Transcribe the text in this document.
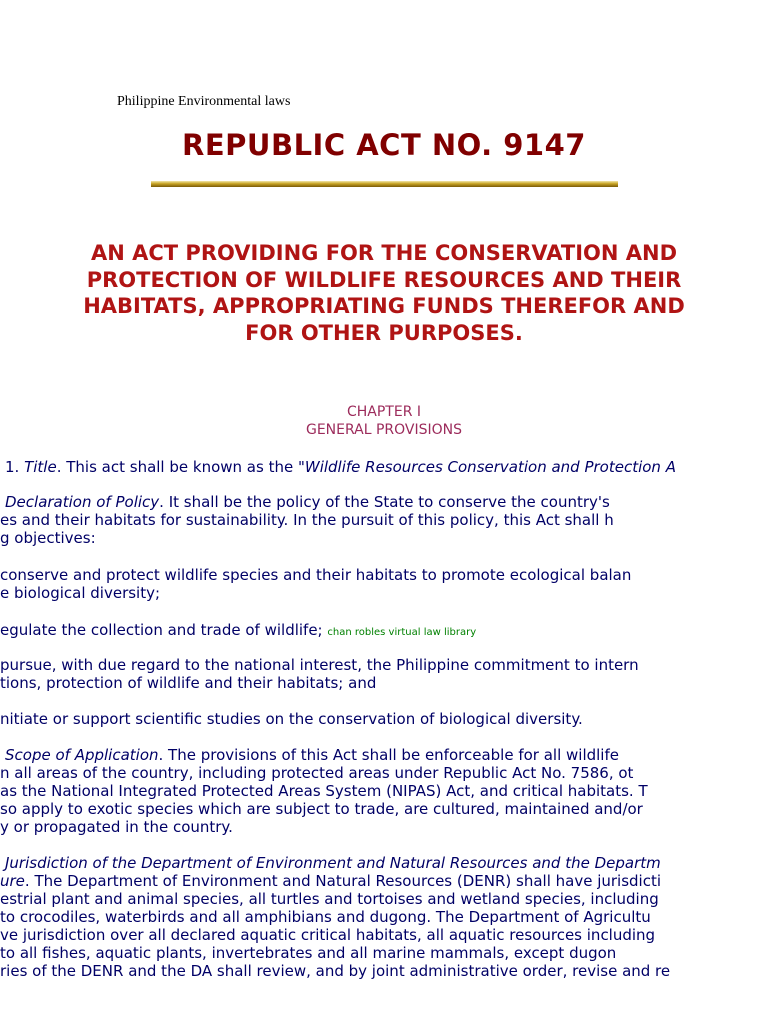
Philippine Environmental laws
REPUBLIC ACT NO. 9147
AN ACT PROVIDING FOR THE CONSERVATION AND
PROTECTION OF WILDLIFE RESOURCES AND THEIR
HABITATS, APPROPRIATING FUNDS THEREFOR AND
FOR OTHER PURPOSES.
CHAPTER I
GENERAL PROVISIONS
1. Title. This act shall be known as the "Wildlife Resources Conservation and Protection A
Declaration of Policy. It shall be the policy of the State to conserve the country's
es and their habitats for sustainability. In the pursuit of this policy, this Act shall h
g objectives:
conserve and protect wildlife species and their habitats to promote ecological balan
e biological diversity;
egulate the collection and trade of wildlife; chan robles virtual law library
pursue, with due regard to the national interest, the Philippine commitment to intern
tions, protection of wildlife and their habitats; and
nitiate or support scientific studies on the conservation of biological diversity.
Scope of Application. The provisions of this Act shall be enforceable for all wildlife
n all areas of the country, including protected areas under Republic Act No. 7586, ot
as the National Integrated Protected Areas System (NIPAS) Act, and critical habitats. T
so apply to exotic species which are subject to trade, are cultured, maintained and/or
y or propagated in the country.
Jurisdiction of the Department of Environment and Natural Resources and the Departm
ure. The Department of Environment and Natural Resources (DENR) shall have jurisdicti
estrial plant and animal species, all turtles and tortoises and wetland species, including
to crocodiles, waterbirds and all amphibians and dugong. The Department of Agricultu
ve jurisdiction over all declared aquatic critical habitats, all aquatic resources including
to all fishes, aquatic plants, invertebrates and all marine mammals, except dugon
ries of the DENR and the DA shall review, and by joint administrative order, revise and re
